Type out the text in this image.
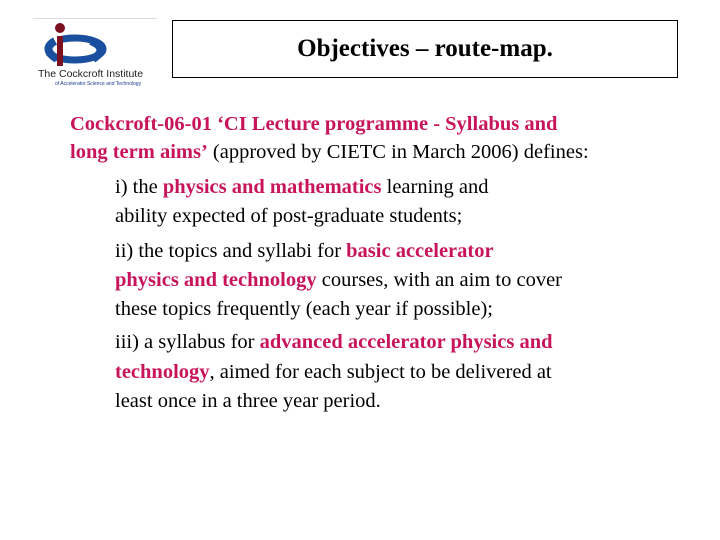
The Cockcroft Institute
of Accelerator Science and Technology
Objectives – route-map.
Cockcroft-06-01 ‘CI Lecture programme - Syllabus and
long term aims’ (approved by CIETC in March 2006) defines:
i) the physics and mathematics learning and
ability expected of post-graduate students;
ii) the topics and syllabi for basic accelerator
physics and technology courses, with an aim to cover
these topics frequently (each year if possible);
iii) a syllabus for advanced accelerator physics and
technology, aimed for each subject to be delivered at
least once in a three year period.
